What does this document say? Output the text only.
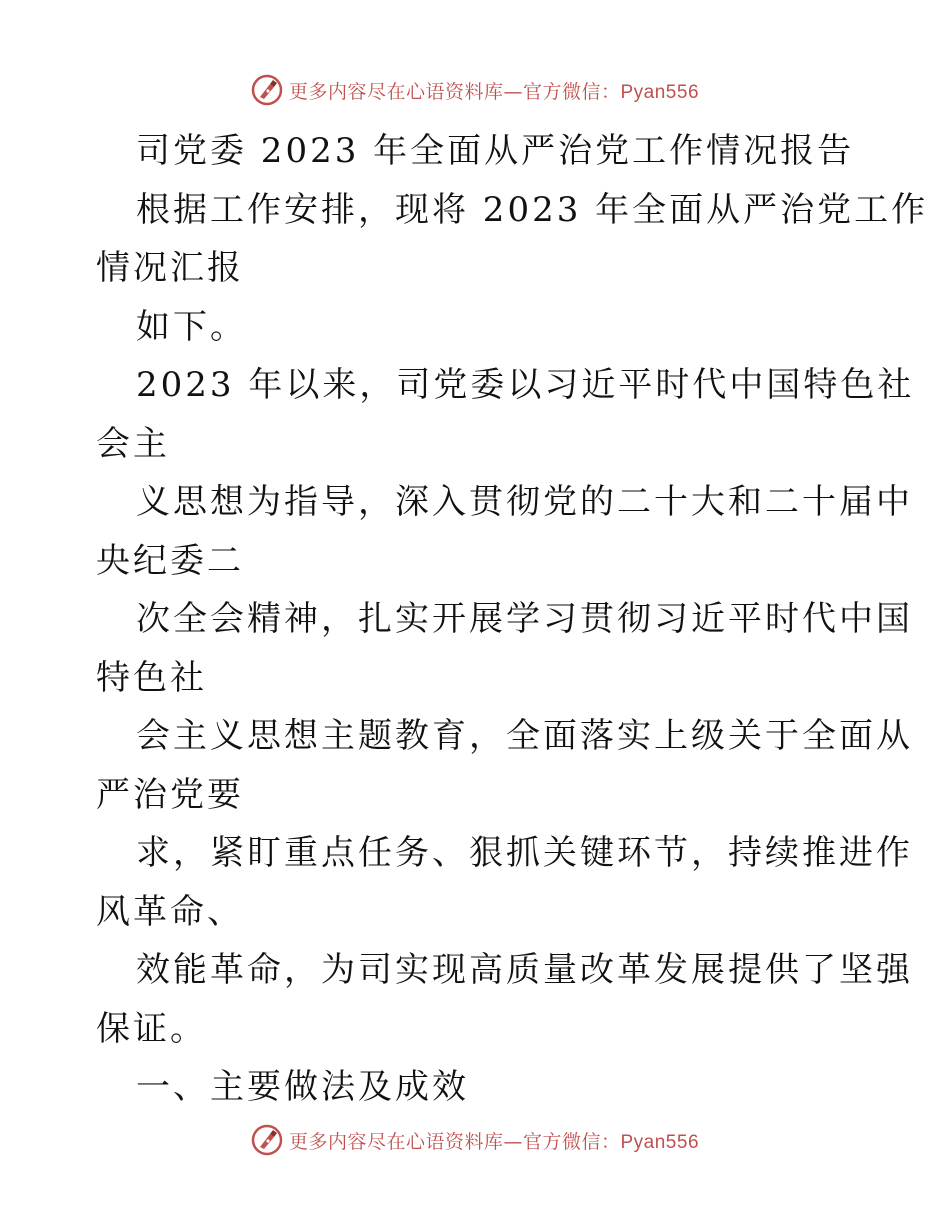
更多内容尽在心语资料库—官方微信：Pyan556
司党委 2023 年全面从严治党工作情况报告
根据工作安排，现将 2023 年全面从严治党工作
情况汇报
如下。
2023 年以来，司党委以习近平时代中国特色社
会主
义思想为指导，深入贯彻党的二十大和二十届中
央纪委二
次全会精神，扎实开展学习贯彻习近平时代中国
特色社
会主义思想主题教育，全面落实上级关于全面从
严治党要
求，紧盯重点任务、狠抓关键环节，持续推进作
风革命、
效能革命，为司实现高质量改革发展提供了坚强
保证。
一、主要做法及成效
更多内容尽在心语资料库—官方微信：Pyan556
